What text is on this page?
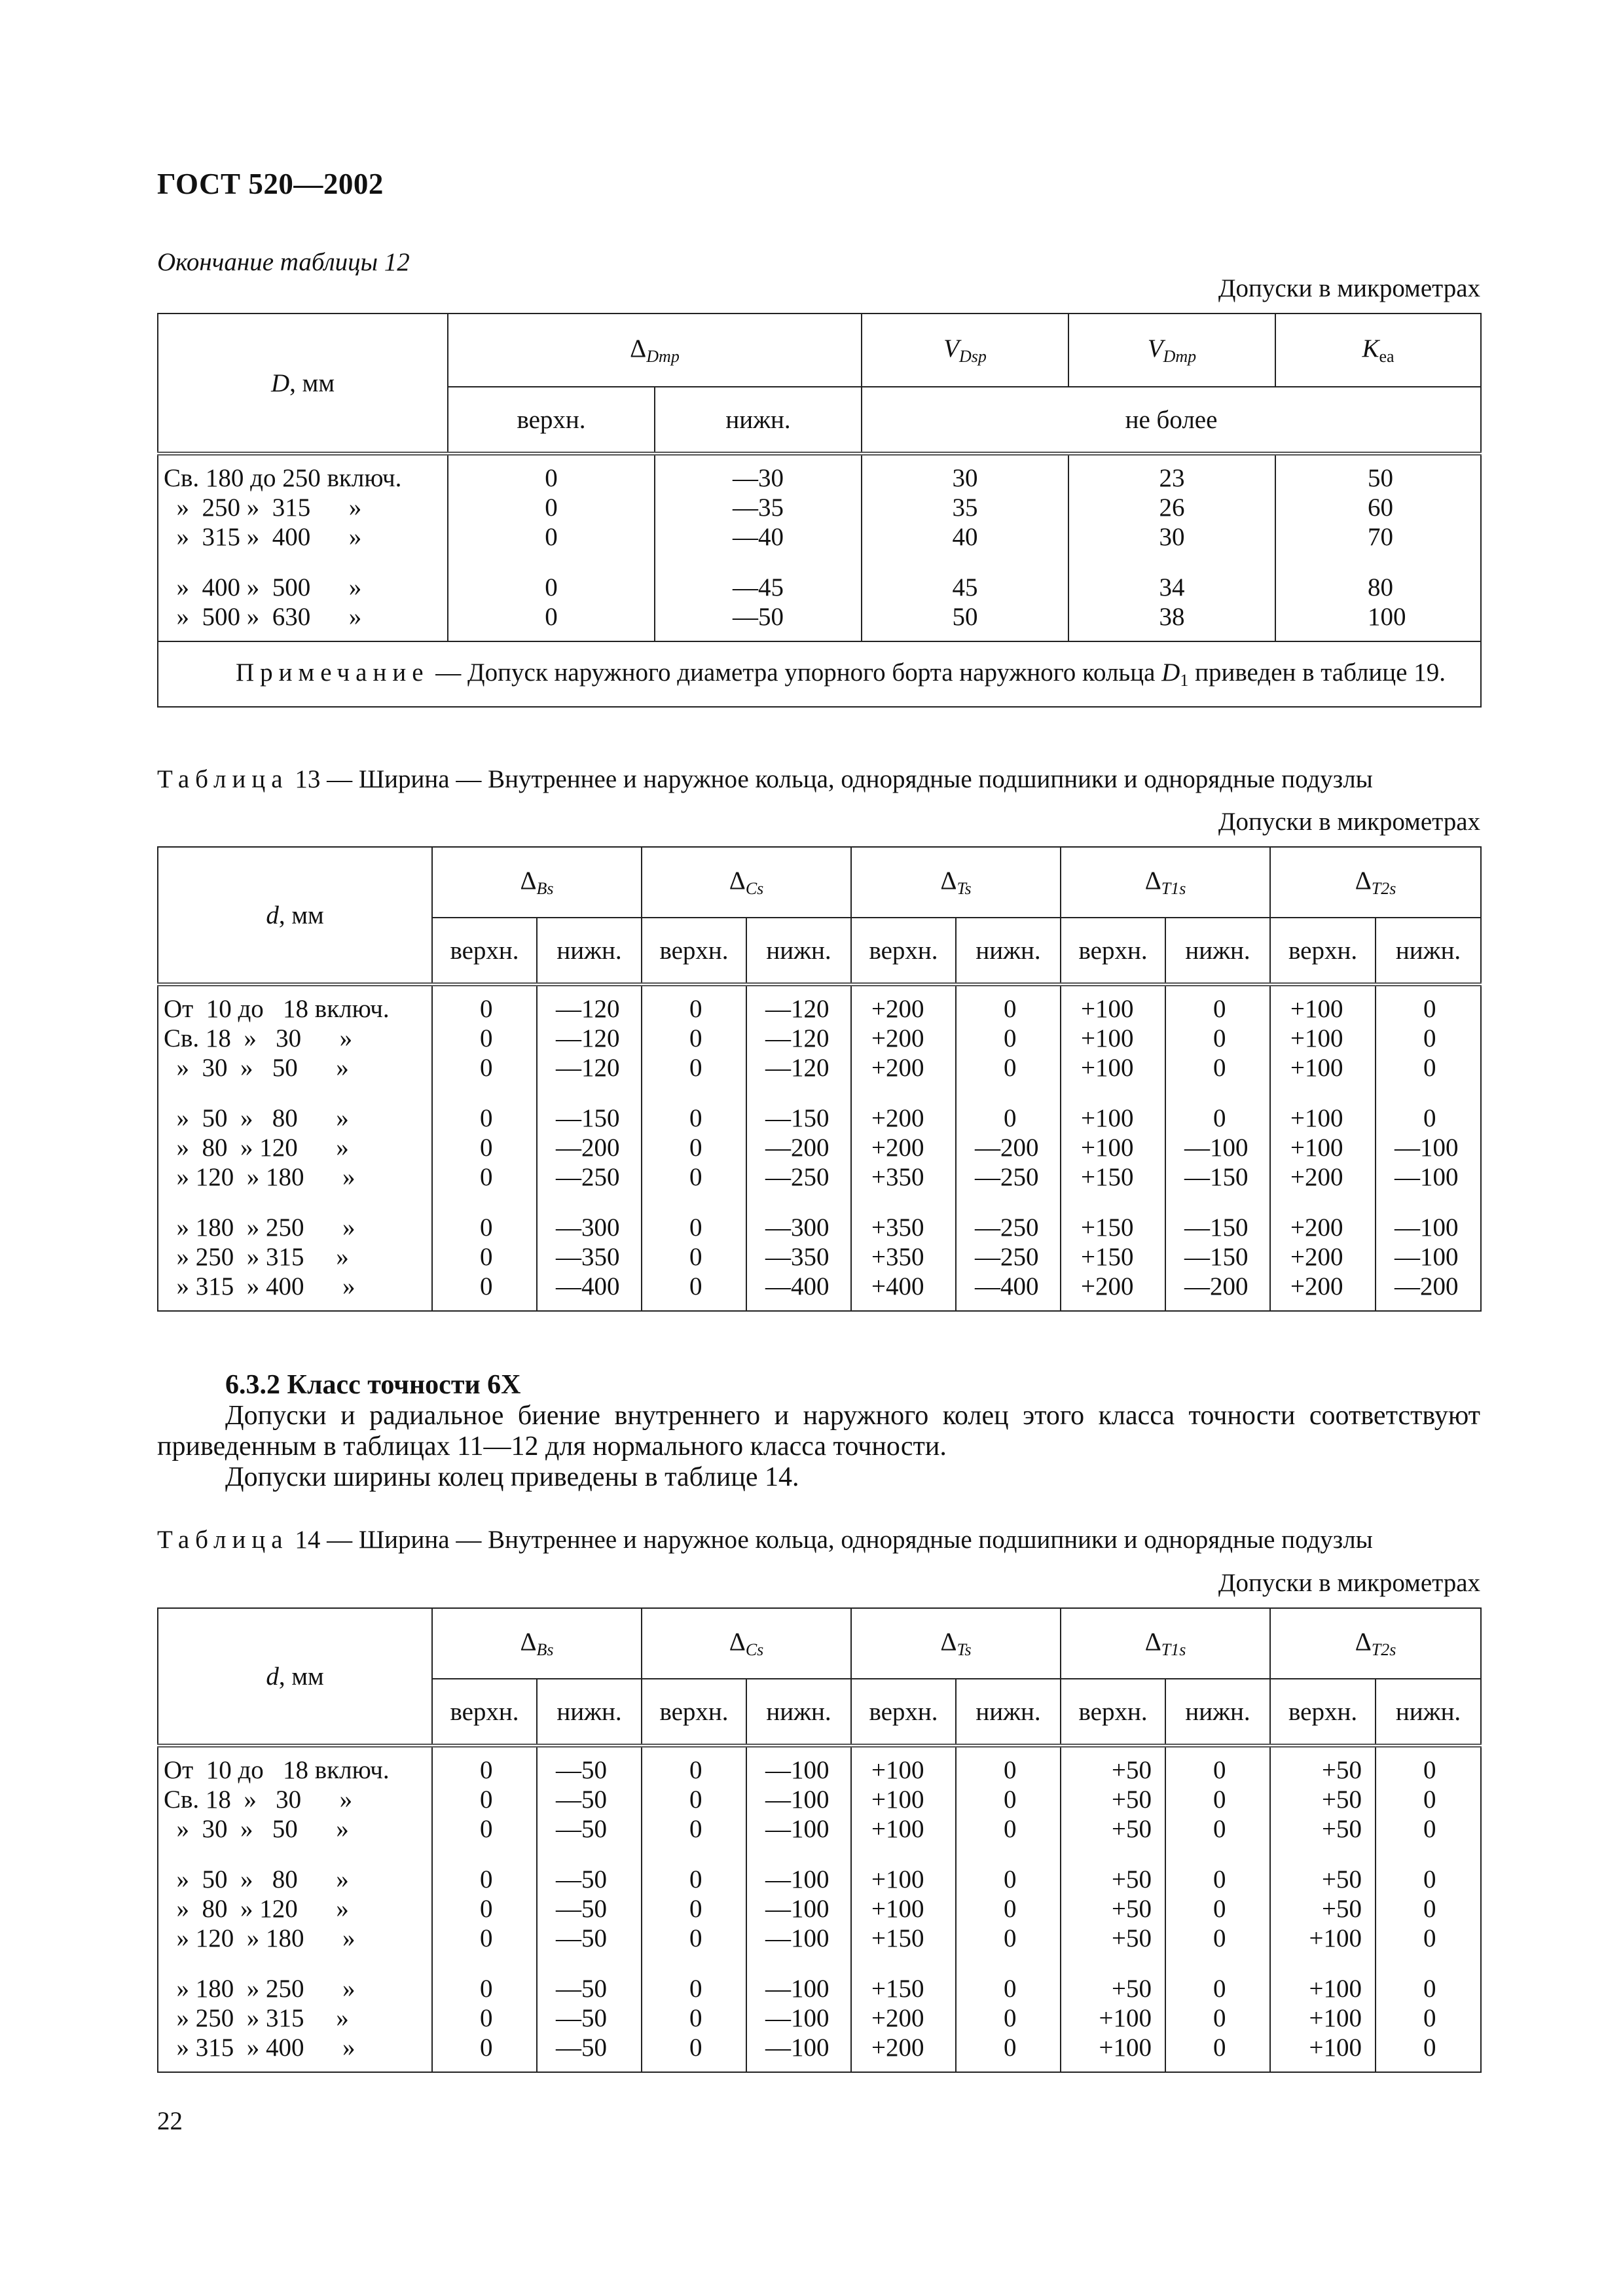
ГОСТ 520—2002
Окончание таблицы 12
Допуски в микрометрах
D, мм	$\Delta_{Dmp}$		$V_{Dsp}$	$V_{Dmp}$	$K_{ea}$
	верхн.	нижн.	не более		

Св. 180 до 250 включ.	0	—30	30	23	50
»  250 »  315      »	0	—35	35	26	60
»  315 »  400      »	0	—40	40	30	70

»  400 »  500      »	0	—45	45	34	80
»  500 »  630      »	0	—50	50	38	100

Примечание — Допуск наружного диаметра упорного борта наружного кольца $D_1$ приведен в таблице 19.					
Таблица 13 — Ширина — Внутреннее и наружное кольца, однорядные подшипники и однорядные подузлы
Допуски в микрометрах
d, мм	$\Delta_{Bs}$		$\Delta_{Cs}$		$\Delta_{Ts}$		$\Delta_{T1s}$		$\Delta_{T2s}$
	верхн.	нижн.	верхн.	нижн.	верхн.	нижн.	верхн.	нижн.	верхн.	нижн.

От  10 до   18 включ.	0	—120	0	—120	+200	0	+100	0	+100	0
Св. 18  »   30      »	0	—120	0	—120	+200	0	+100	0	+100	0
»  30  »   50      »	0	—120	0	—120	+200	0	+100	0	+100	0

»  50  »   80      »	0	—150	0	—150	+200	0	+100	0	+100	0
»  80  » 120      »	0	—200	0	—200	+200	—200	+100	—100	+100	—100
» 120  » 180      »	0	—250	0	—250	+350	—250	+150	—150	+200	—100

» 180  » 250      »	0	—300	0	—300	+350	—250	+150	—150	+200	—100
» 250  » 315     »	0	—350	0	—350	+350	—250	+150	—150	+200	—100
» 315  » 400      »	0	—400	0	—400	+400	—400	+200	—200	+200	—200

6.3.2 Класс точности 6Х
Допуски и радиальное биение внутреннего и наружного колец этого класса точности соответствуют приведенным в таблицах 11—12 для нормального класса точности.
Допуски ширины колец приведены в таблице 14.
Таблица 14 — Ширина — Внутреннее и наружное кольца, однорядные подшипники и однорядные подузлы
Допуски в микрометрах
d, мм	$\Delta_{Bs}$		$\Delta_{Cs}$		$\Delta_{Ts}$		$\Delta_{T1s}$		$\Delta_{T2s}$
	верхн.	нижн.	верхн.	нижн.	верхн.	нижн.	верхн.	нижн.	верхн.	нижн.

От  10 до   18 включ.	0	—50	0	—100	+100	0	+50	0	+50	0
Св. 18  »   30      »	0	—50	0	—100	+100	0	+50	0	+50	0
»  30  »   50      »	0	—50	0	—100	+100	0	+50	0	+50	0

»  50  »   80      »	0	—50	0	—100	+100	0	+50	0	+50	0
»  80  » 120      »	0	—50	0	—100	+100	0	+50	0	+50	0
» 120  » 180      »	0	—50	0	—100	+150	0	+50	0	+100	0

» 180  » 250      »	0	—50	0	—100	+150	0	+50	0	+100	0
» 250  » 315     »	0	—50	0	—100	+200	0	+100	0	+100	0
» 315  » 400      »	0	—50	0	—100	+200	0	+100	0	+100	0

22
